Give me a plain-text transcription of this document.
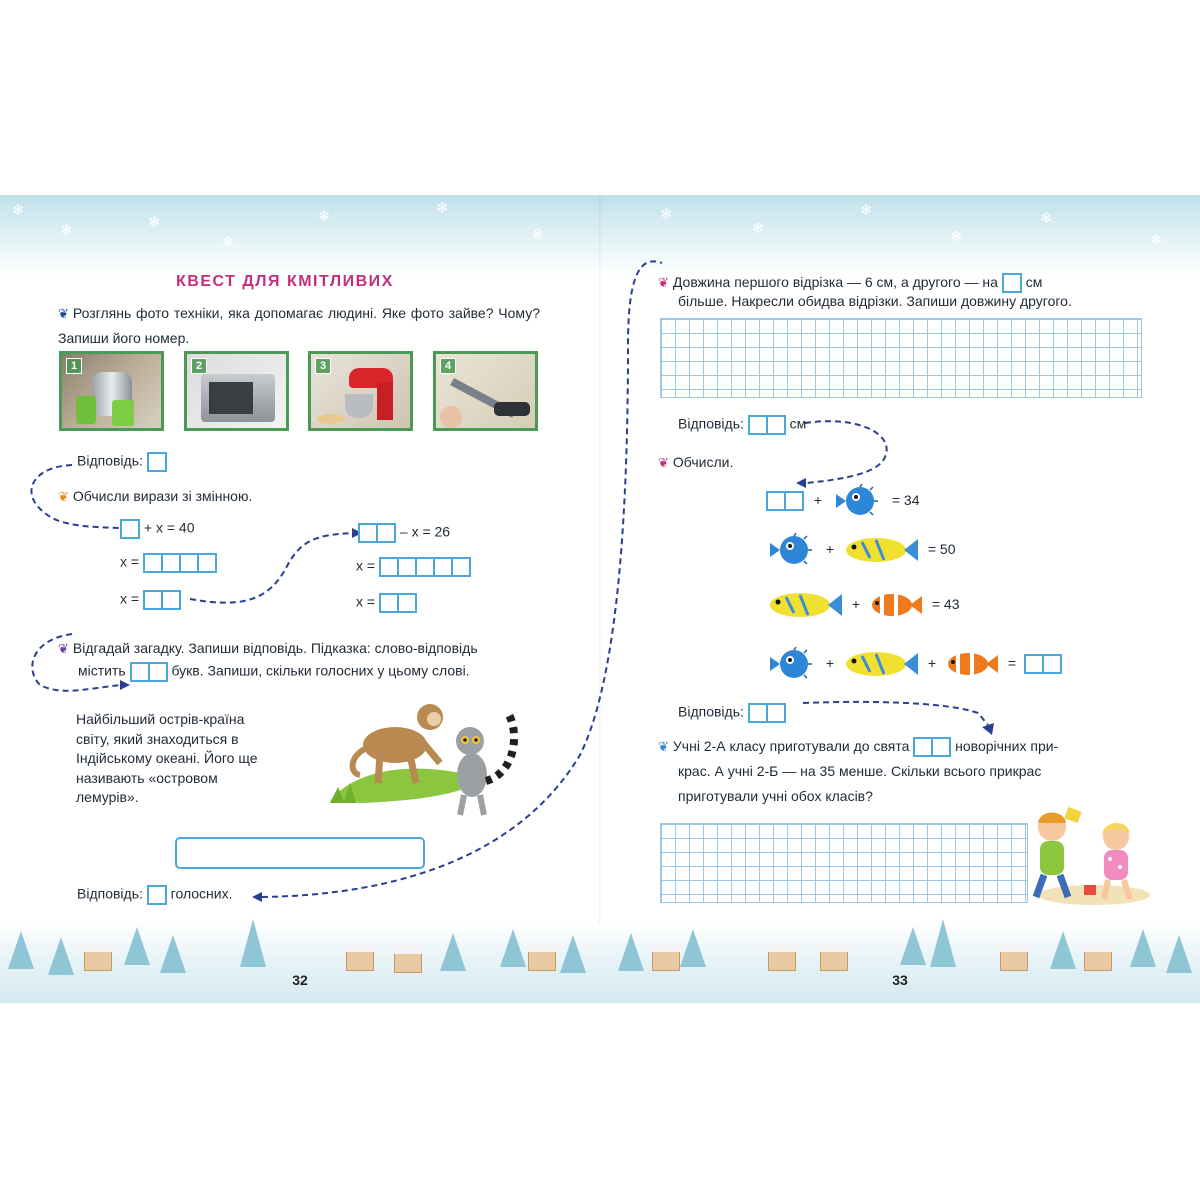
❄
❄	❄
❄
❄	❄
❄
❄
❄
❄
❄
❄
❄
КВЕСТ ДЛЯ КМІТЛИВИХ
❦ Розглянь фото техніки, яка допомагає людині. Яке фото зайве? Чому? Запиши його номер.
1	2	3	4
Відповідь:
❦ Обчисли вирази зі змінною.
+ x = 40
x =
x =
– x = 26
x =
x =
❦ Відгадай загадку. Запиши відповідь. Підказка: слово-відповідь
містить	букв. Запиши, скільки голосних у цьому слові.
Найбільший острів-країна світу, який знаходиться в Індійському океані. Його ще називають «островом лемурів».
Відповідь: голосних.
❦ Довжина першого відрізка — 6 см, а другого — на см
більше. Накресли обидва відрізки. Запиши довжину другого.
Відповідь:	см
❦ Обчисли.
+	= 34
+	= 50
+	= 43
+	+	=
Відповідь:
❦ Учні 2-А класу приготували до свята	новорічних при-
крас. А учні 2-Б — на 35 менше. Скільки всього прикрас
приготували учні обох класів?
32	33
